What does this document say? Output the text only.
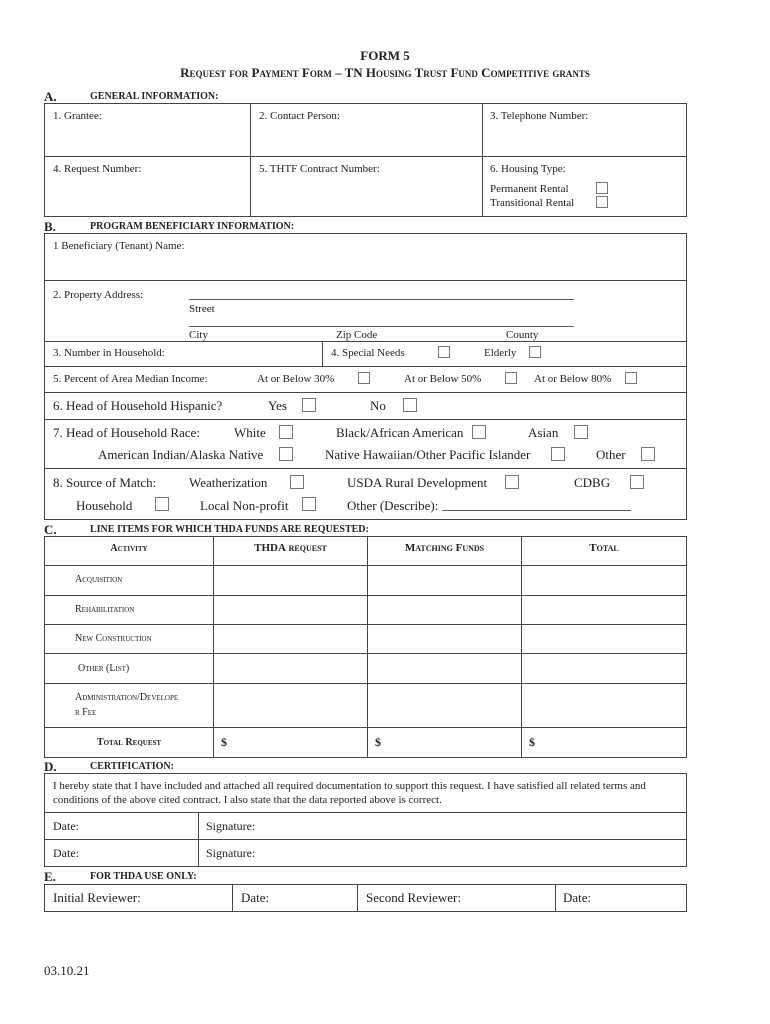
FORM 5
Request for Payment Form – TN Housing Trust Fund Competitive grants
A.	GENERAL INFORMATION:
1. Grantee:	2. Contact Person:	3. Telephone Number:
4. Request Number:	5. THTF Contract Number:	6. Housing Type:
Permanent Rental
Transitional Rental
B.	PROGRAM BENEFICIARY INFORMATION:
1 Beneficiary (Tenant) Name:
2. Property Address:
Street
City	Zip Code	County
3. Number in Household:	4. Special Needs	Elderly
5. Percent of Area Median Income:	At or Below 30%	At or Below 50%	At or Below 80%
6. Head of Household Hispanic?	Yes	No
7. Head of Household Race:	White	Black/African American	Asian
American Indian/Alaska Native	Native Hawaiian/Other Pacific Islander	Other
8. Source of Match:	Weatherization	USDA Rural Development	CDBG
Household	Local Non-profit	Other (Describe):
C.	LINE ITEMS FOR WHICH THDA FUNDS ARE REQUESTED:
Activity	THDA request	Matching Funds	Total
Acquisition
Rehabilitation
New Construction
Other (List)
Administration/Develope
r Fee
Total Request	$	$	$
D.	CERTIFICATION:
I hereby state that I have included and attached all required documentation to support this request. I have satisfied all related terms and
conditions of the above cited contract. I also state that the data reported above is correct.
Date:	Signature:
Date:	Signature:
E.	FOR THDA USE ONLY:
Initial Reviewer:	Date:	Second Reviewer:	Date:
03.10.21
